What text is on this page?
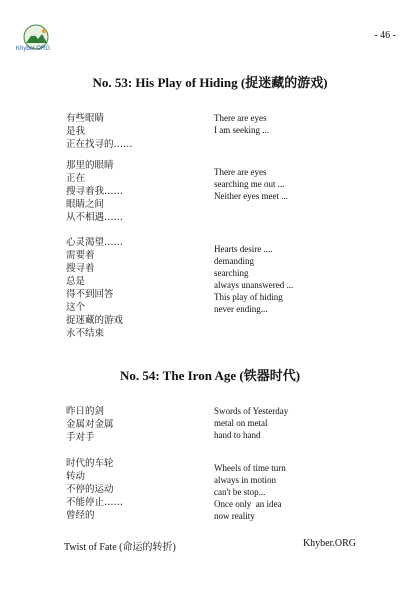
Khyber.ORG
- 46 -
No. 53: His Play of Hiding (捉迷藏的游戏)
有些眼睛
是我
正在找寻的……
There are eyes
I am seeking ...
那里的眼睛
正在
搜寻着我……
眼睛之间
从不相遇……
There are eyes
searching me out ...
Neither eyes meet ...
心灵渴望……
需要着
搜寻着
总是
得不到回答
这个
捉迷藏的游戏
永不结束
Hearts desire ....
demanding
searching
always unanswered ...
This play of hiding
never ending...
No. 54: The Iron Age (铁器时代)
昨日的剑
金属对金属
手对手
Swords of Yesterday
metal on metal
hand to hand
时代的车轮
转动
不停的运动
不能停止……
曾经的
Wheels of time turn
always in motion
can't be stop...
Once only  an idea
now reality
Twist of Fate (命运的转折)	Khyber.ORG
